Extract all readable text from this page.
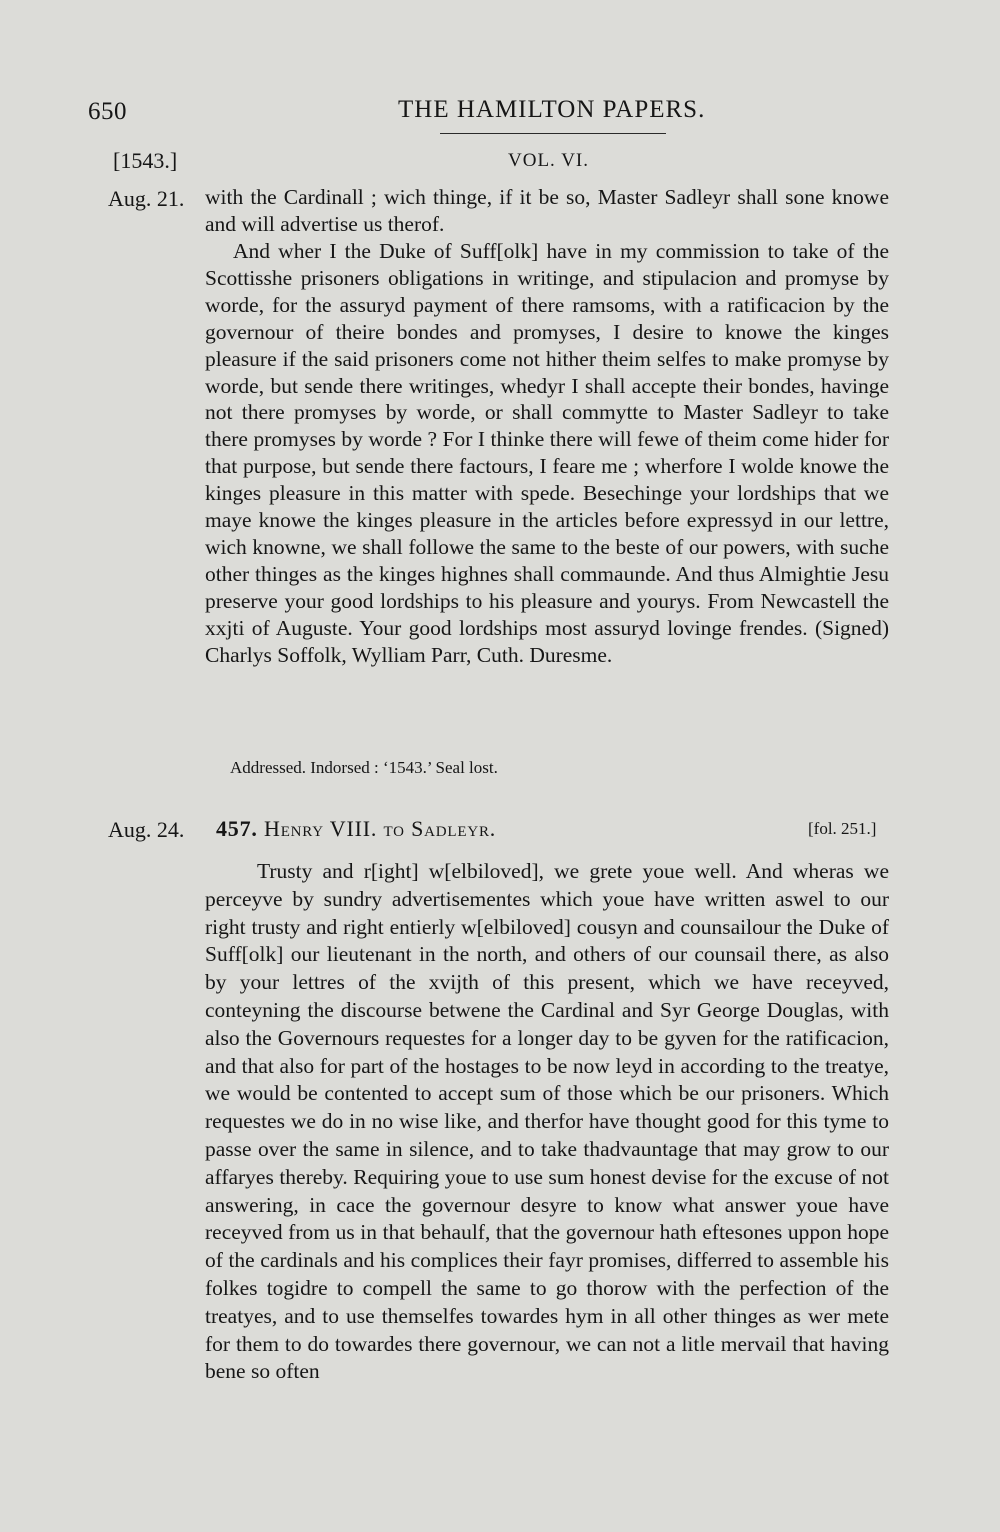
650	THE HAMILTON PAPERS.
[1543.]	VOL. VI.
Aug. 21. with the Cardinall ; wich thinge, if it be so, Master Sadleyr shall sone knowe and will advertise us therof.

And wher I the Duke of Suff[olk] have in my commission to take of the Scottisshe prisoners obligations in writinge, and stipulacion and promyse by worde, for the assuryd payment of there ramsoms, with a ratificacion by the governour of theire bondes and promyses, I desire to knowe the kinges pleasure if the said prisoners come not hither theim selfes to make promyse by worde, but sende there writinges, whedyr I shall accepte their bondes, havinge not there promyses by worde, or shall commytte to Master Sadleyr to take there promyses by worde ? For I thinke there will fewe of theim come hider for that purpose, but sende there factours, I feare me ; wherfore I wolde knowe the kinges pleasure in this matter with spede. Besechinge your lordships that we maye knowe the kinges pleasure in the articles before expressyd in our lettre, wich knowne, we shall followe the same to the beste of our powers, with suche other thinges as the kinges highnes shall commaunde. And thus Almightie Jesu preserve your good lordships to his pleasure and yourys. From Newcastell the xxjti of Auguste. Your good lordships most assuryd lovinge frendes. (Signed) Charlys Soffolk, Wylliam Parr, Cuth. Duresme.

Addressed. Indorsed : ‘1543.’ Seal lost.
Aug. 24. 457. Henry VIII. to Sadleyr.	[fol. 251.]

Trusty and r[ight] w[elbiloved], we grete youe well. And wheras we perceyve by sundry advertisementes which youe have written aswel to our right trusty and right entierly w[elbiloved] cousyn and counsailour the Duke of Suff[olk] our lieutenant in the north, and others of our counsail there, as also by your lettres of the xvijth of this present, which we have receyved, conteyning the discourse betwene the Cardinal and Syr George Douglas, with also the Governours requestes for a longer day to be gyven for the ratificacion, and that also for part of the hostages to be now leyd in according to the treatye, we would be contented to accept sum of those which be our prisoners. Which requestes we do in no wise like, and therfor have thought good for this tyme to passe over the same in silence, and to take thadvauntage that may grow to our affaryes thereby. Requiring youe to use sum honest devise for the excuse of not answering, in cace the governour desyre to know what answer youe have receyved from us in that behaulf, that the governour hath eftesones uppon hope of the cardinals and his complices their fayr promises, differred to assemble his folkes togidre to compell the same to go thorow with the perfection of the treatyes, and to use themselfes towardes hym in all other thinges as wer mete for them to do towardes there governour, we can not a litle mervail that having bene so often
